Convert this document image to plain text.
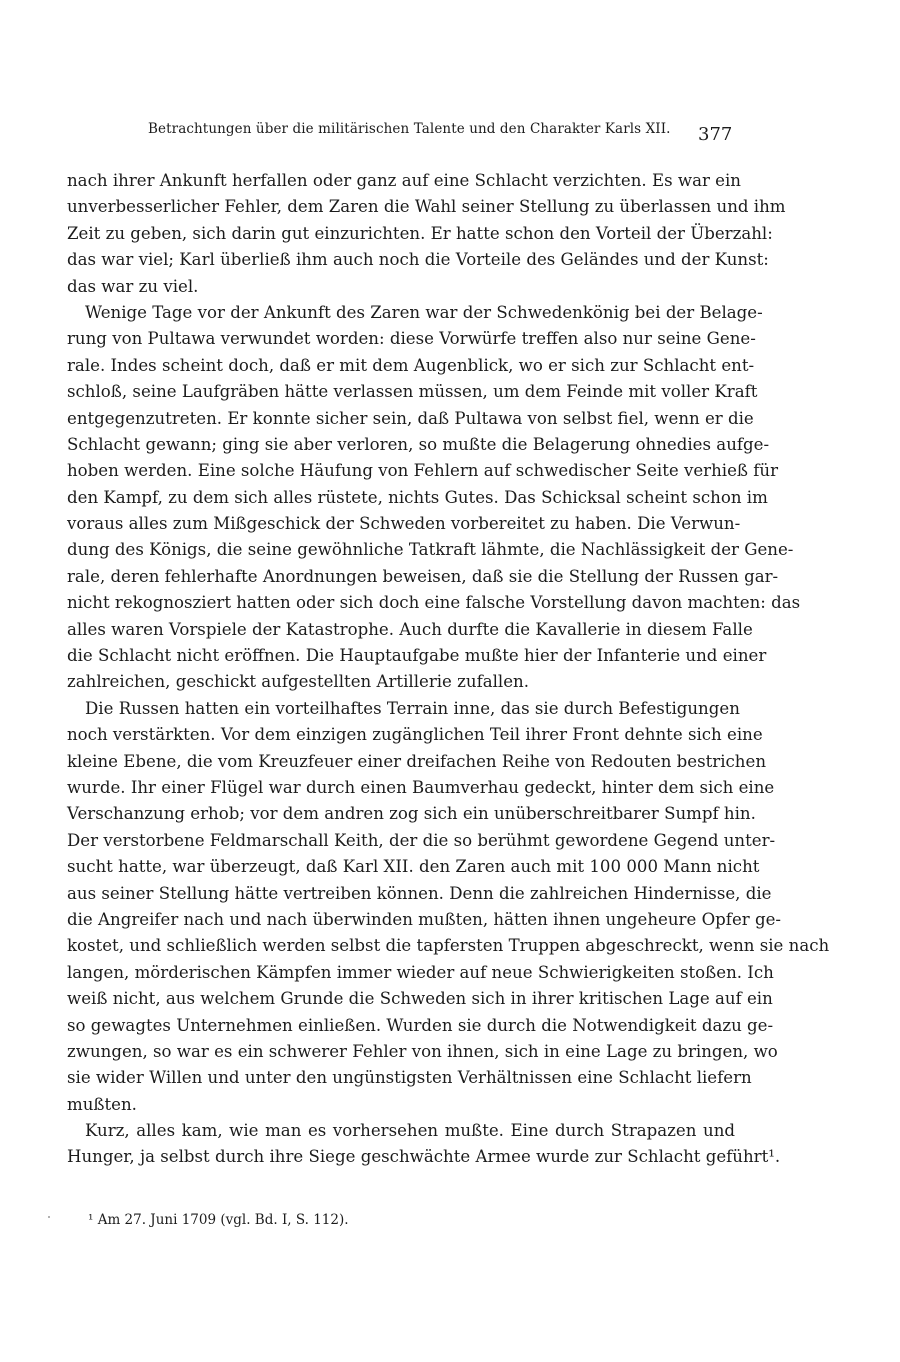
Betrachtungen über die militärischen Talente und den Charakter Karls XII. 377
nach ihrer Ankunft herfallen oder ganz auf eine Schlacht verzichten. Es war ein
unverbesserlicher Fehler, dem Zaren die Wahl seiner Stellung zu überlassen und ihm
Zeit zu geben, sich darin gut einzurichten. Er hatte schon den Vorteil der Überzahl:
das war viel; Karl überließ ihm auch noch die Vorteile des Geländes und der Kunst:
das war zu viel.
Wenige Tage vor der Ankunft des Zaren war der Schwedenkönig bei der Belage-
rung von Pultawa verwundet worden: diese Vorwürfe treffen also nur seine Gene-
rale. Indes scheint doch, daß er mit dem Augenblick, wo er sich zur Schlacht ent-
schloß, seine Laufgräben hätte verlassen müssen, um dem Feinde mit voller Kraft
entgegenzutreten. Er konnte sicher sein, daß Pultawa von selbst fiel, wenn er die
Schlacht gewann; ging sie aber verloren, so mußte die Belagerung ohnedies aufge-
hoben werden. Eine solche Häufung von Fehlern auf schwedischer Seite verhieß für
den Kampf, zu dem sich alles rüstete, nichts Gutes. Das Schicksal scheint schon im
voraus alles zum Mißgeschick der Schweden vorbereitet zu haben. Die Verwun-
dung des Königs, die seine gewöhnliche Tatkraft lähmte, die Nachlässigkeit der Gene-
rale, deren fehlerhafte Anordnungen beweisen, daß sie die Stellung der Russen gar-
nicht rekognosziert hatten oder sich doch eine falsche Vorstellung davon machten: das
alles waren Vorspiele der Katastrophe. Auch durfte die Kavallerie in diesem Falle
die Schlacht nicht eröffnen. Die Hauptaufgabe mußte hier der Infanterie und einer
zahlreichen, geschickt aufgestellten Artillerie zufallen.
Die Russen hatten ein vorteilhaftes Terrain inne, das sie durch Befestigungen
noch verstärkten. Vor dem einzigen zugänglichen Teil ihrer Front dehnte sich eine
kleine Ebene, die vom Kreuzfeuer einer dreifachen Reihe von Redouten bestrichen
wurde. Ihr einer Flügel war durch einen Baumverhau gedeckt, hinter dem sich eine
Verschanzung erhob; vor dem andren zog sich ein unüberschreitbarer Sumpf hin.
Der verstorbene Feldmarschall Keith, der die so berühmt gewordene Gegend unter-
sucht hatte, war überzeugt, daß Karl XII. den Zaren auch mit 100 000 Mann nicht
aus seiner Stellung hätte vertreiben können. Denn die zahlreichen Hindernisse, die
die Angreifer nach und nach überwinden mußten, hätten ihnen ungeheure Opfer ge-
kostet, und schließlich werden selbst die tapfersten Truppen abgeschreckt, wenn sie nach
langen, mörderischen Kämpfen immer wieder auf neue Schwierigkeiten stoßen. Ich
weiß nicht, aus welchem Grunde die Schweden sich in ihrer kritischen Lage auf ein
so gewagtes Unternehmen einließen. Wurden sie durch die Notwendigkeit dazu ge-
zwungen, so war es ein schwerer Fehler von ihnen, sich in eine Lage zu bringen, wo
sie wider Willen und unter den ungünstigsten Verhältnissen eine Schlacht liefern
mußten.
Kurz, alles kam, wie man es vorhersehen mußte. Eine durch Strapazen und
Hunger, ja selbst durch ihre Siege geschwächte Armee wurde zur Schlacht geführt¹.
¹ Am 27. Juni 1709 (vgl. Bd. I, S. 112).
